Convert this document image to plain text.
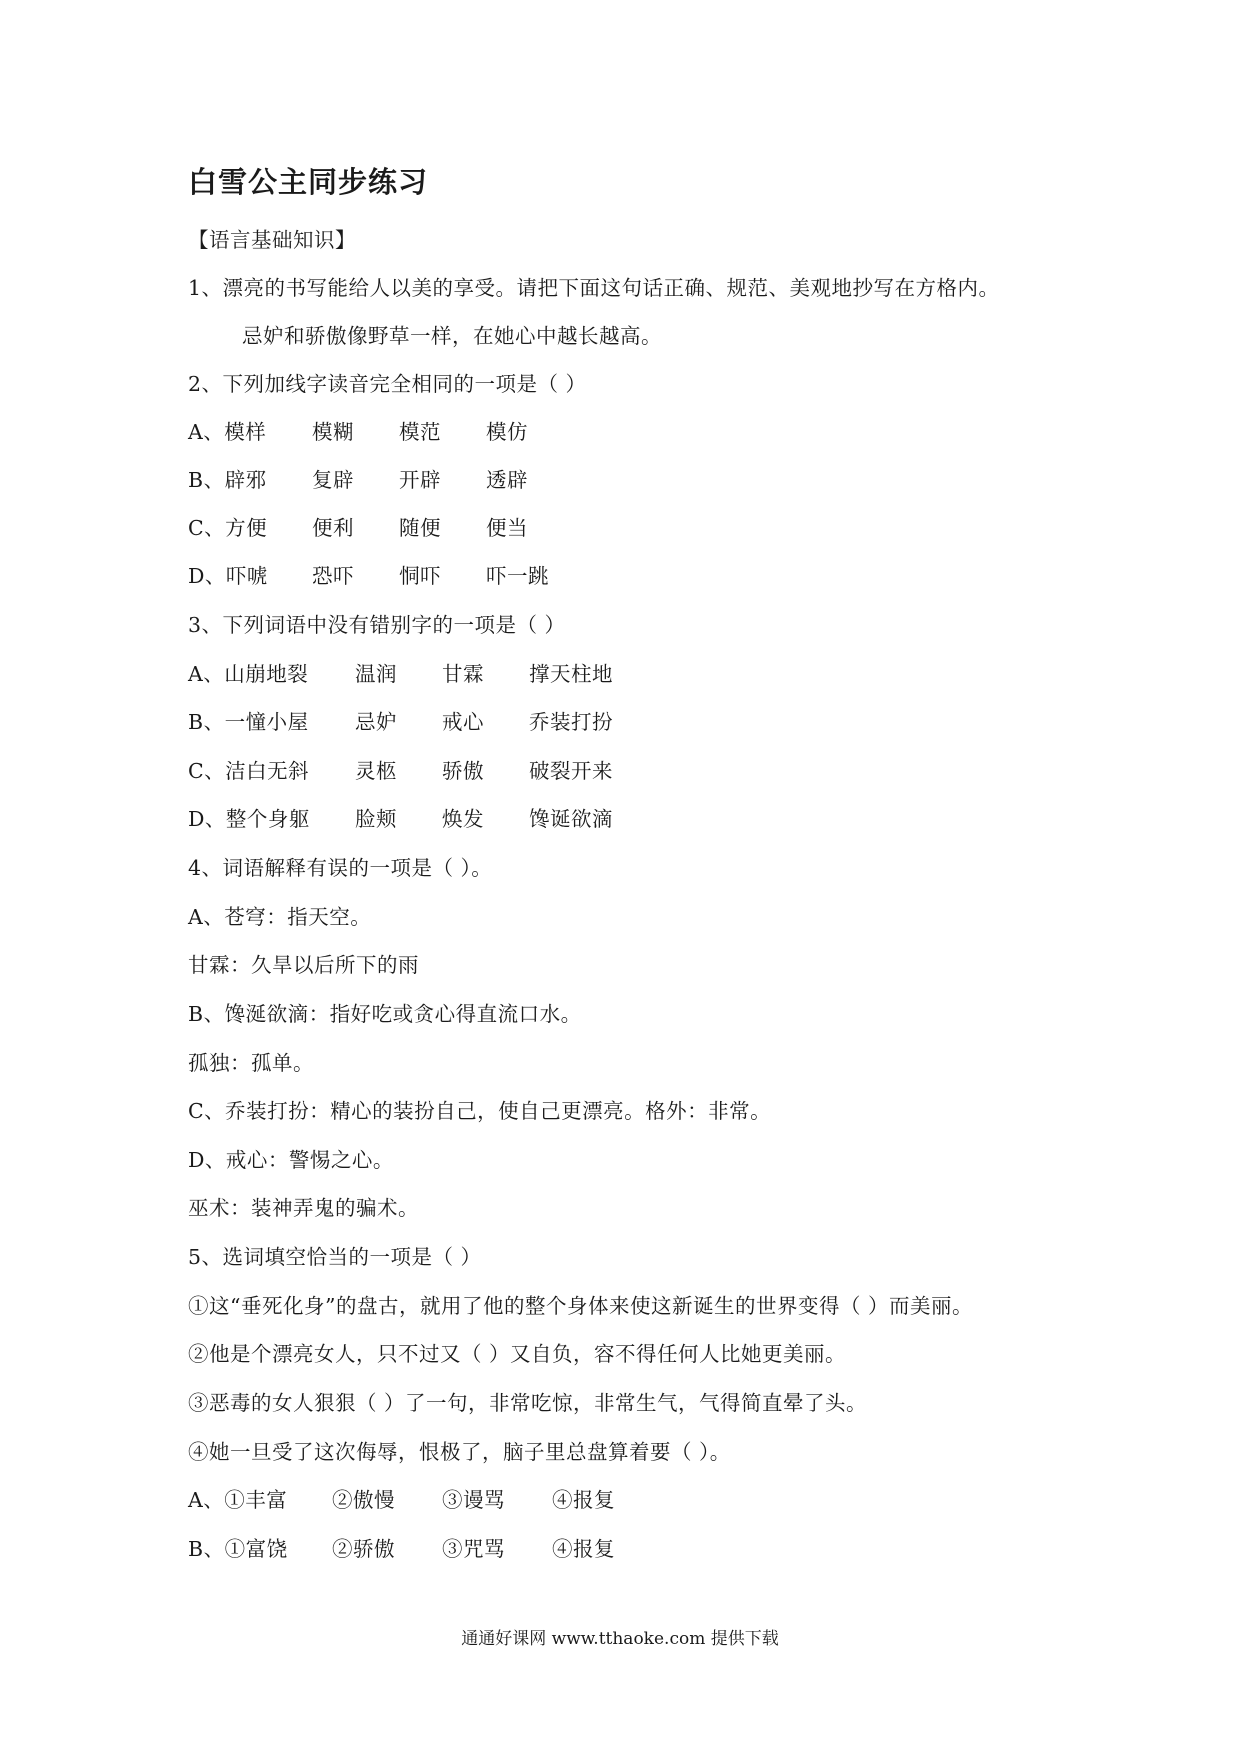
白雪公主同步练习
【语言基础知识】
1、漂亮的书写能给人以美的享受。请把下面这句话正确、规范、美观地抄写在方格内。
忌妒和骄傲像野草一样，在她心中越长越高。
2、下列加线字读音完全相同的一项是（ ）
A、模样 模糊 模范 模仿
B、辟邪 复辟 开辟 透辟
C、方便 便利 随便 便当
D、吓唬 恐吓 恫吓 吓一跳
3、下列词语中没有错别字的一项是（ ）
A、山崩地裂 温润 甘霖 撑天柱地
B、一憧小屋 忌妒 戒心 乔装打扮
C、洁白无斜 灵柩 骄傲 破裂开来
D、整个身躯 脸颊 焕发 馋诞欲滴
4、词语解释有误的一项是（ ）。
A、苍穹：指天空。
甘霖：久旱以后所下的雨
B、馋涎欲滴：指好吃或贪心得直流口水。
孤独：孤单。
C、乔装打扮：精心的装扮自己，使自己更漂亮。格外：非常。
D、戒心：警惕之心。
巫术：装神弄鬼的骗术。
5、选词填空恰当的一项是（ ）
①这“垂死化身”的盘古，就用了他的整个身体来使这新诞生的世界变得（ ）而美丽。
②他是个漂亮女人，只不过又（ ）又自负，容不得任何人比她更美丽。
③恶毒的女人狠狠（ ）了一句，非常吃惊，非常生气，气得简直晕了头。
④她一旦受了这次侮辱，恨极了，脑子里总盘算着要（ ）。
A、①丰富 ②傲慢 ③谩骂 ④报复
B、①富饶 ②骄傲 ③咒骂 ④报复
通通好课网 www.tthaoke.com 提供下载
